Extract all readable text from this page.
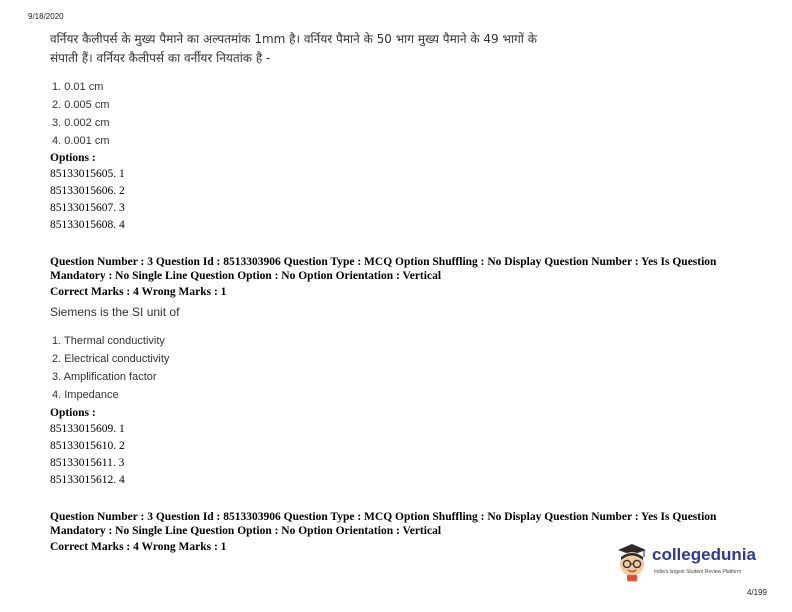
9/18/2020
वर्नियर कैलीपर्स के मुख्य पैमाने का अल्पतमांक 1mm है। वर्नियर पैमाने के 50 भाग मुख्य पैमाने के 49 भागों के
संपाती हैं। वर्नियर कैलीपर्स का वर्नीयर नियतांक है -
1. 0.01 cm
2. 0.005 cm
3. 0.002 cm
4. 0.001 cm
Options :
85133015605. 1
85133015606. 2
85133015607. 3
85133015608. 4
Question Number : 3 Question Id : 8513303906 Question Type : MCQ Option Shuffling : No Display Question Number : Yes Is Question
Mandatory : No Single Line Question Option : No Option Orientation : Vertical
Correct Marks : 4 Wrong Marks : 1
Siemens is the SI unit of
1. Thermal conductivity
2. Electrical conductivity
3. Amplification factor
4. Impedance
Options :
85133015609. 1
85133015610. 2
85133015611. 3
85133015612. 4
Question Number : 3 Question Id : 8513303906 Question Type : MCQ Option Shuffling : No Display Question Number : Yes Is Question
Mandatory : No Single Line Question Option : No Option Orientation : Vertical
Correct Marks : 4 Wrong Marks : 1	collegedunia
India's largest Student Review Platform
4/199
